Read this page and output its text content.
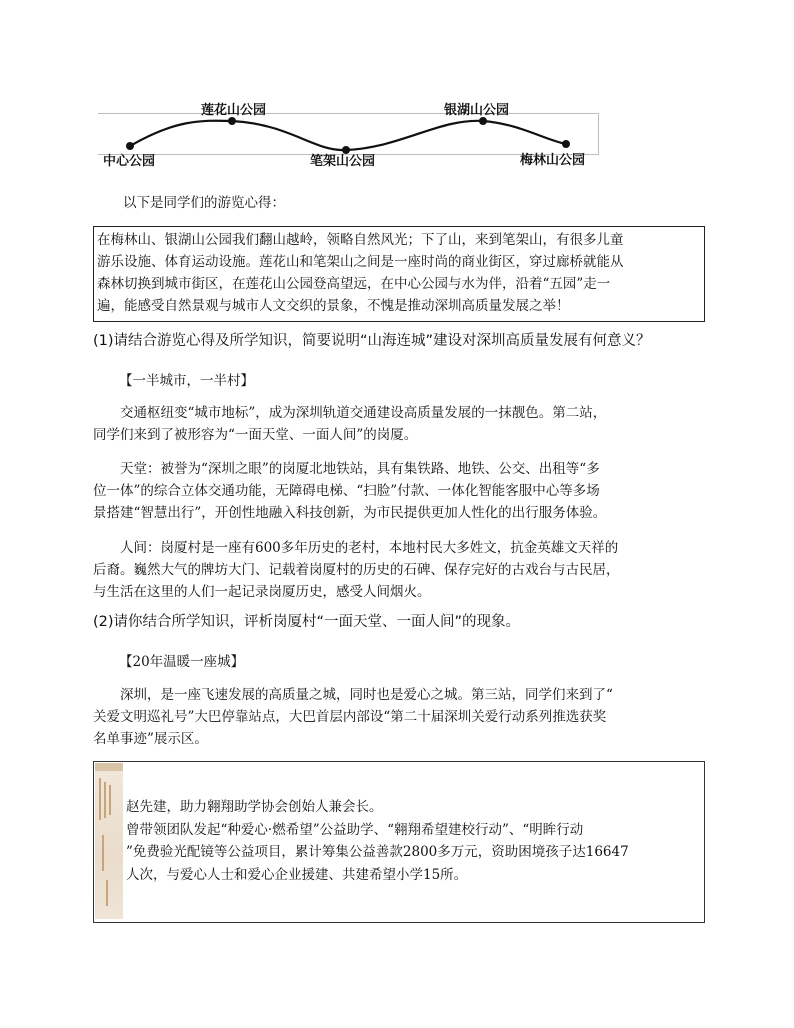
莲花山公园	银湖山公园
中心公园	笔架山公园	梅林山公园
以下是同学们的游览心得：
在梅林山、银湖山公园我们翻山越岭，领略自然风光；下了山，来到笔架山，有很多儿童
游乐设施、体育运动设施。莲花山和笔架山之间是一座时尚的商业街区，穿过廊桥就能从
森林切换到城市街区，在莲花山公园登高望远，在中心公园与水为伴，沿着“五园”走一
遍，能感受自然景观与城市人文交织的景象，不愧是推动深圳高质量发展之举！
(1)请结合游览心得及所学知识，简要说明“山海连城”建设对深圳高质量发展有何意义？
【一半城市，一半村】
交通枢纽变“城市地标”，成为深圳轨道交通建设高质量发展的一抹靓色。第二站，
同学们来到了被形容为“一面天堂、一面人间”的岗厦。
天堂：被誉为“深圳之眼”的岗厦北地铁站，具有集铁路、地铁、公交、出租等“多
位一体”的综合立体交通功能，无障碍电梯、“扫脸”付款、一体化智能客服中心等多场
景搭建“智慧出行”，开创性地融入科技创新，为市民提供更加人性化的出行服务体验。
人间：岗厦村是一座有600多年历史的老村，本地村民大多姓文，抗金英雄文天祥的
后裔。巍然大气的牌坊大门、记载着岗厦村的历史的石碑、保存完好的古戏台与古民居，
与生活在这里的人们一起记录岗厦历史，感受人间烟火。
(2)请你结合所学知识，评析岗厦村“一面天堂、一面人间”的现象。
【20年温暖一座城】
深圳，是一座飞速发展的高质量之城，同时也是爱心之城。第三站，同学们来到了“
关爱文明巡礼号”大巴停靠站点，大巴首层内部设“第二十届深圳关爱行动系列推选获奖
名单事迹”展示区。
赵先建，助力翱翔助学协会创始人兼会长。
曾带领团队发起“种爱心·燃希望”公益助学、“翱翔希望建校行动”、“明眸行动
”免费验光配镜等公益项目，累计筹集公益善款2800多万元，资助困境孩子达16647
人次，与爱心人士和爱心企业援建、共建希望小学15所。
